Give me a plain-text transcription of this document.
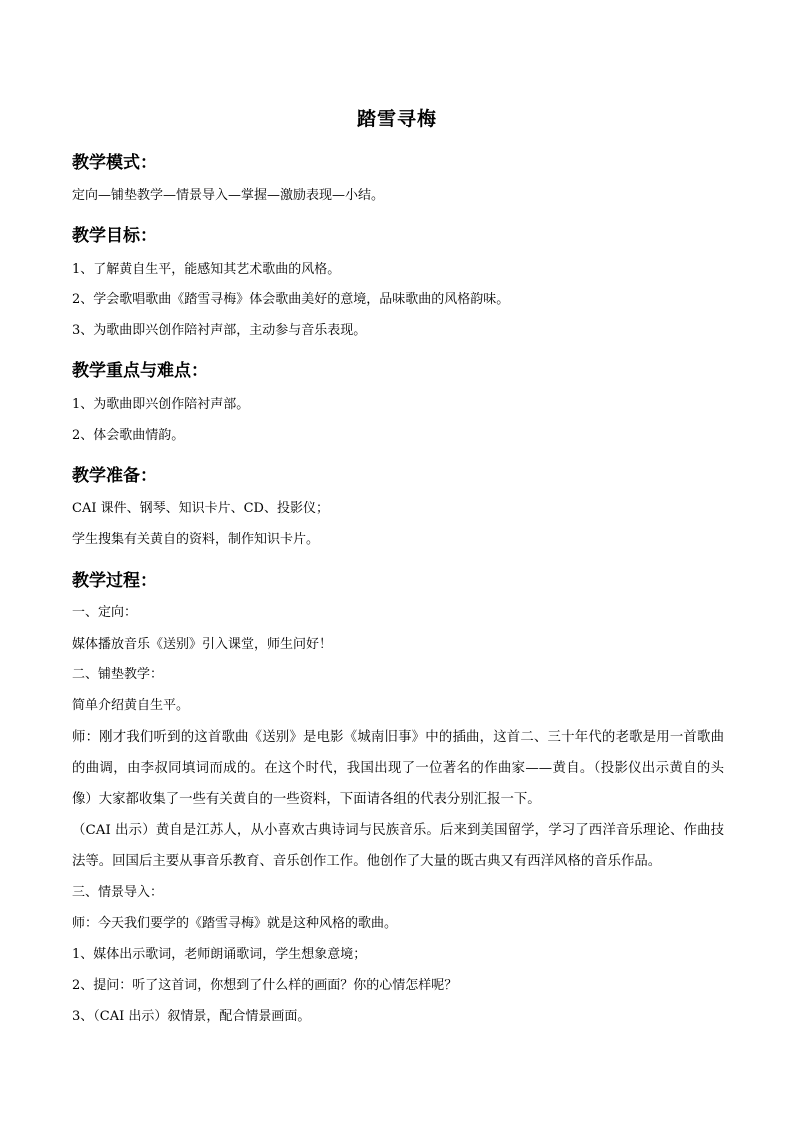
踏雪寻梅
教学模式：
定向—铺垫教学—情景导入—掌握—激励表现—小结。
教学目标：
1、了解黄自生平，能感知其艺术歌曲的风格。
2、学会歌唱歌曲《踏雪寻梅》体会歌曲美好的意境，品味歌曲的风格韵味。
3、为歌曲即兴创作陪衬声部，主动参与音乐表现。
教学重点与难点：
1、为歌曲即兴创作陪衬声部。
2、体会歌曲情韵。
教学准备：
CAI 课件、钢琴、知识卡片、CD、投影仪；
学生搜集有关黄自的资料，制作知识卡片。
教学过程：
一、定向：
媒体播放音乐《送别》引入课堂，师生问好！
二、铺垫教学：
简单介绍黄自生平。
师：刚才我们听到的这首歌曲《送别》是电影《城南旧事》中的插曲，这首二、三十年代的老歌是用一首歌曲的曲调，由李叔同填词而成的。在这个时代，我国出现了一位著名的作曲家——黄自。（投影仪出示黄自的头像）大家都收集了一些有关黄自的一些资料，下面请各组的代表分别汇报一下。
（CAI 出示）黄自是江苏人，从小喜欢古典诗词与民族音乐。后来到美国留学，学习了西洋音乐理论、作曲技法等。回国后主要从事音乐教育、音乐创作工作。他创作了大量的既古典又有西洋风格的音乐作品。
三、情景导入：
师：今天我们要学的《踏雪寻梅》就是这种风格的歌曲。
1、媒体出示歌词，老师朗诵歌词，学生想象意境；
2、提问：听了这首词，你想到了什么样的画面？你的心情怎样呢？
3、（CAI 出示）叙情景，配合情景画面。
